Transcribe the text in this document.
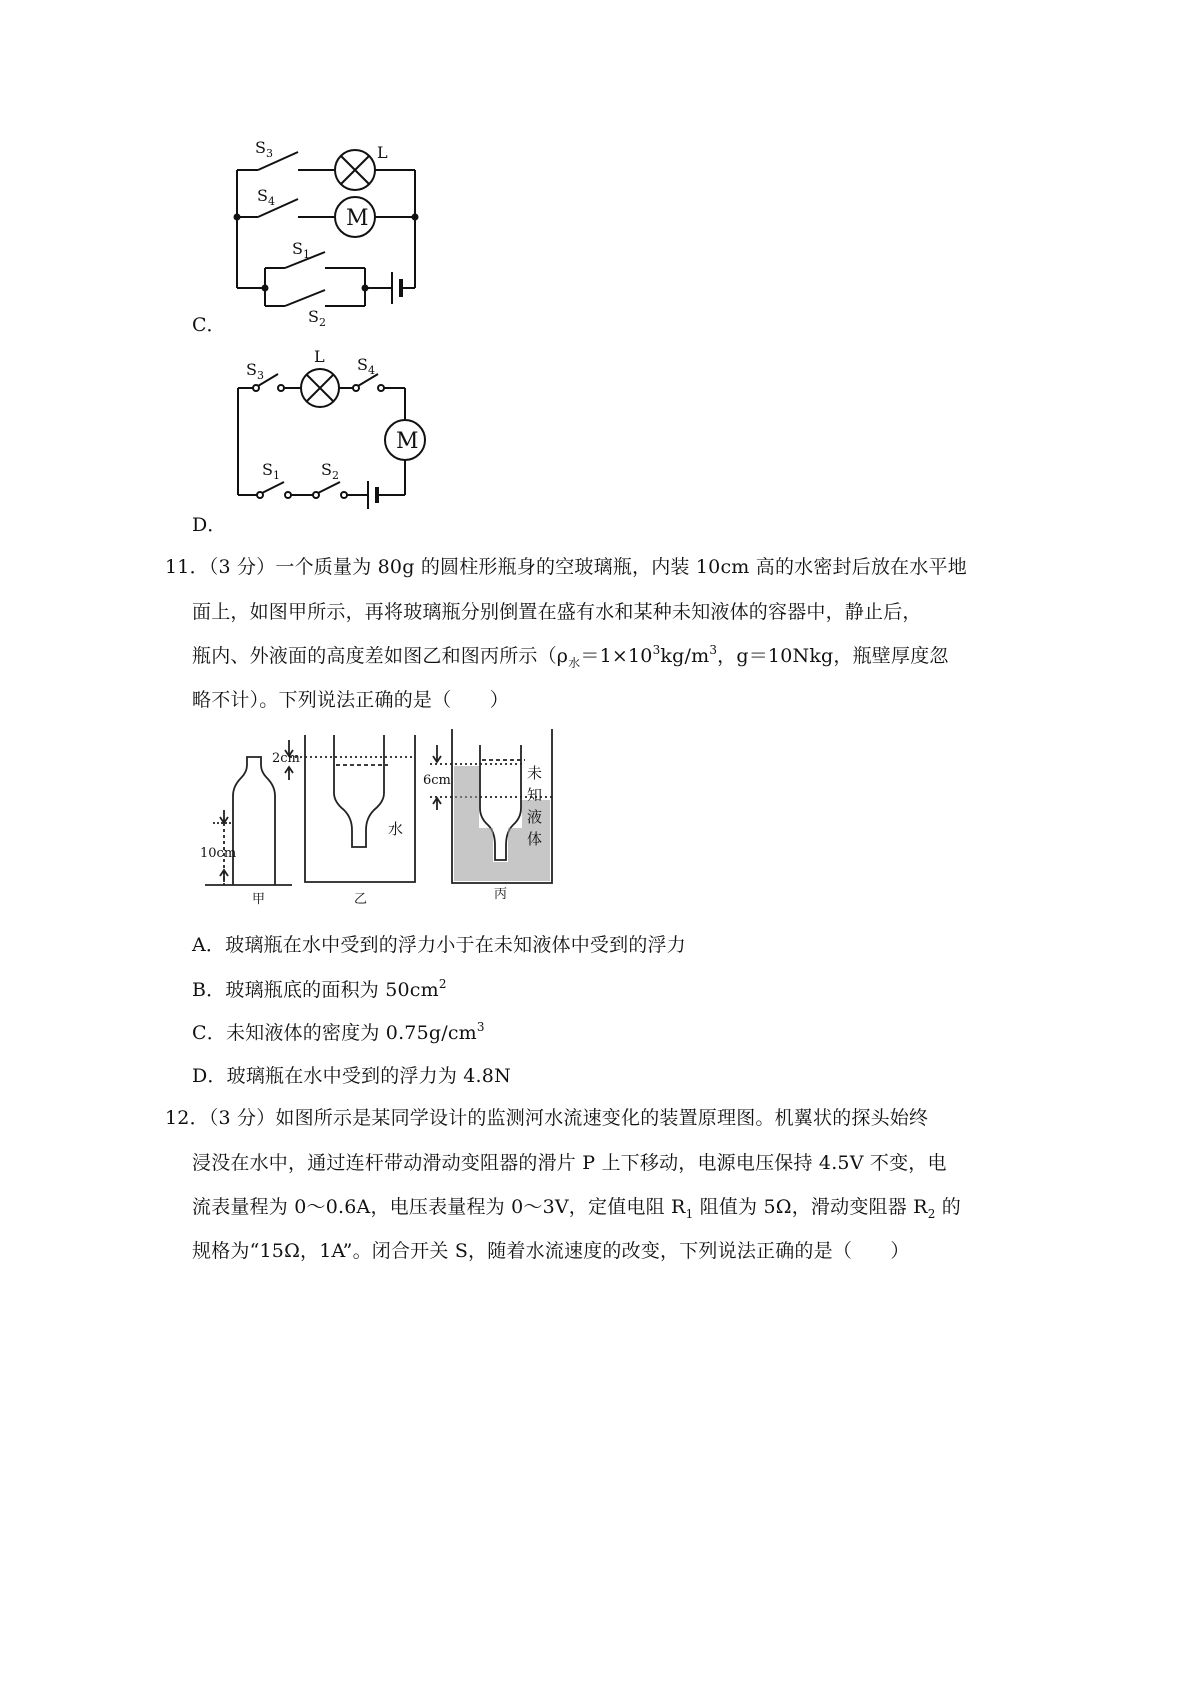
$S_3$	L
$S_4$
M
$S_1$
$S_2$
C．
$S_3$
L $S_4$
M
$S_1$	$S_2$
D．
11．（3 分）一个质量为 80g 的圆柱形瓶身的空玻璃瓶，内装 10cm 高的水密封后放在水平地
面上，如图甲所示，再将玻璃瓶分别倒置在盛有水和某种未知液体的容器中，静止后，
瓶内、外液面的高度差如图乙和图丙所示（$\rho_水=1\times 10^3kg/m^3$，g＝10Nkg，瓶壁厚度忽
略不计）。下列说法正确的是（　　）
10cm
2cm
6cm
水
未
知
液
体
甲	乙	丙
A．玻璃瓶在水中受到的浮力小于在未知液体中受到的浮力
B．玻璃瓶底的面积为 $50cm^2$
C．未知液体的密度为 $0.75g/cm^3$
D．玻璃瓶在水中受到的浮力为 4.8N
12．（3 分）如图所示是某同学设计的监测河水流速变化的装置原理图。机翼状的探头始终
浸没在水中，通过连杆带动滑动变阻器的滑片 P 上下移动，电源电压保持 4.5V 不变，电
流表量程为 0～0.6A，电压表量程为 0～3V，定值电阻 $R_1$ 阻值为 5Ω，滑动变阻器 $R_2$ 的
规格为“15Ω，1A”。闭合开关 S，随着水流速度的改变，下列说法正确的是（　　）
